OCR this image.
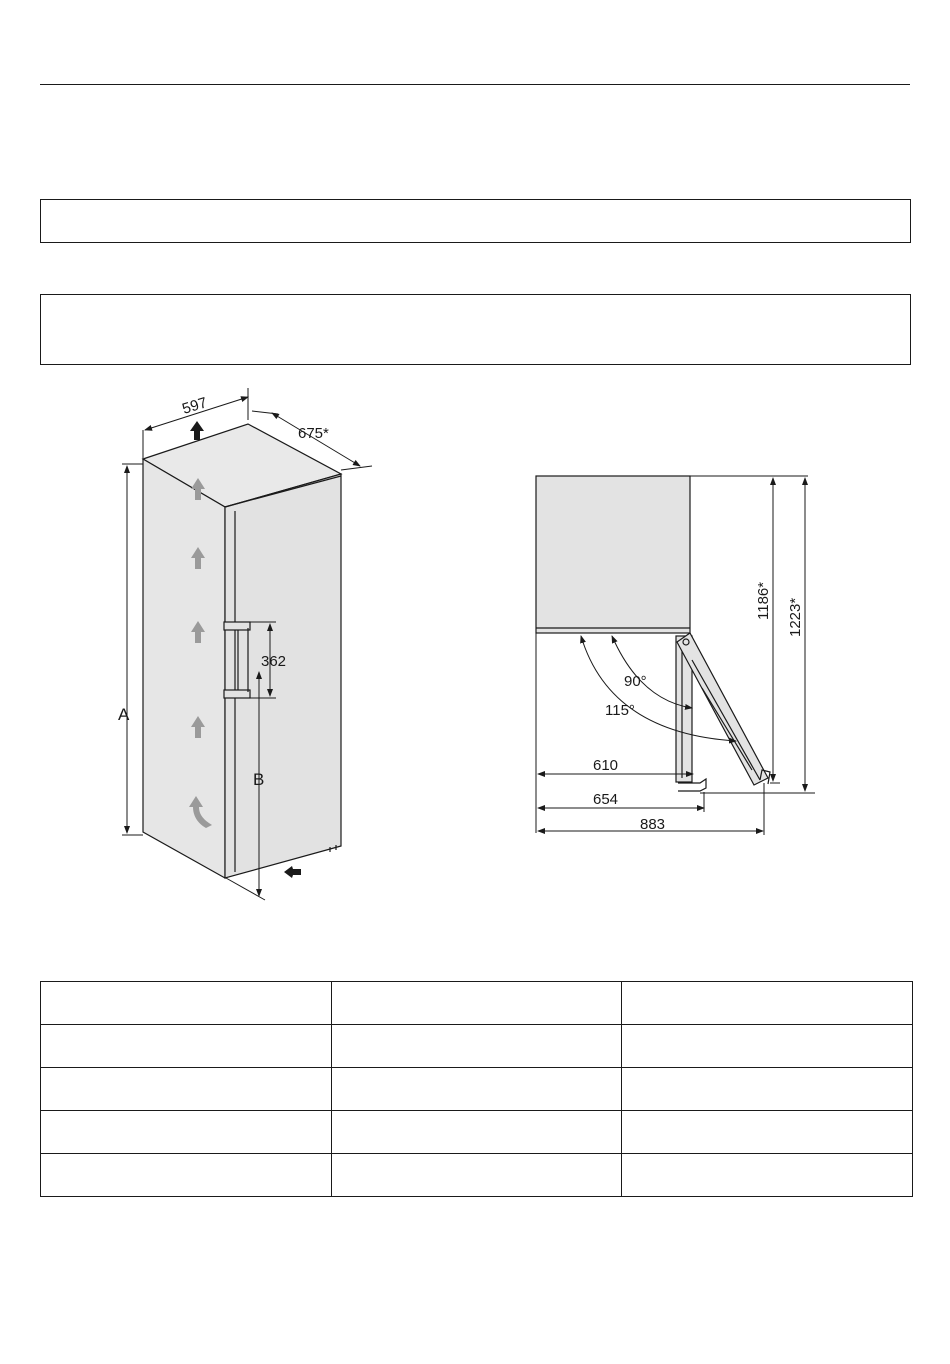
597
675*
362
A
B
90°
115°
610
654
883
1186* 1223*
